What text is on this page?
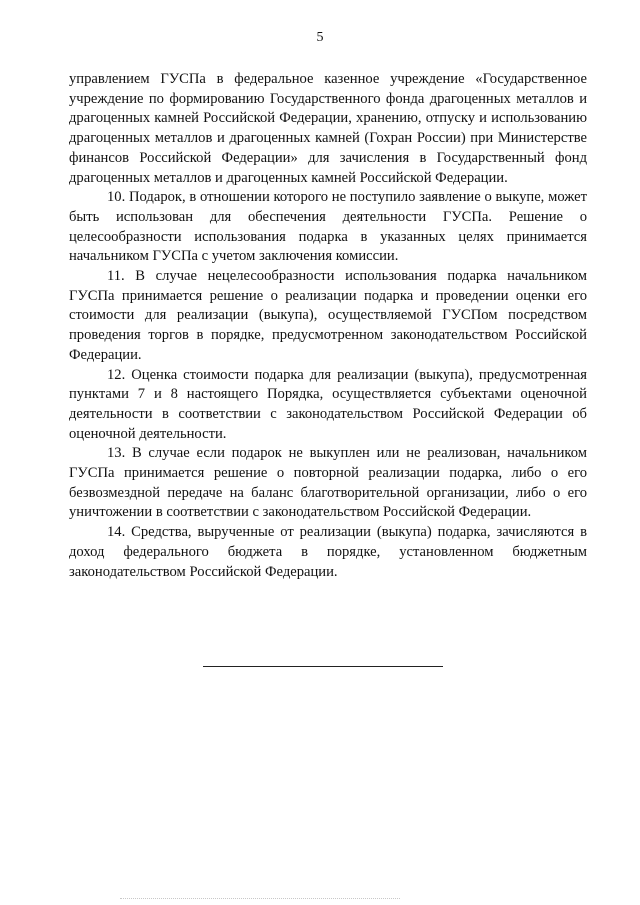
5

управлением ГУСПа в федеральное казенное учреждение «Государственное учреждение по формированию Государственного фонда драгоценных металлов и драгоценных камней Российской Федерации, хранению, отпуску и использованию драгоценных металлов и драгоценных камней (Гохран России) при Министерстве финансов Российской Федерации» для зачисления в Государственный фонд драгоценных металлов и драгоценных камней Российской Федерации.

10. Подарок, в отношении которого не поступило заявление о выкупе, может быть использован для обеспечения деятельности ГУСПа. Решение о целесообразности использования подарка в указанных целях принимается начальником ГУСПа с учетом заключения комиссии.

11. В случае нецелесообразности использования подарка начальником ГУСПа принимается решение о реализации подарка и проведении оценки его стоимости для реализации (выкупа), осуществляемой ГУСПом посредством проведения торгов в порядке, предусмотренном законодательством Российской Федерации.

12. Оценка стоимости подарка для реализации (выкупа), предусмотренная пунктами 7 и 8 настоящего Порядка, осуществляется субъектами оценочной деятельности в соответствии с законодательством Российской Федерации об оценочной деятельности.

13. В случае если подарок не выкуплен или не реализован, начальником ГУСПа принимается решение о повторной реализации подарка, либо о его безвозмездной передаче на баланс благотворительной организации, либо о его уничтожении в соответствии с законодательством Российской Федерации.

14. Средства, вырученные от реализации (выкупа) подарка, зачисляются в доход федерального бюджета в порядке, установленном бюджетным законодательством Российской Федерации.
